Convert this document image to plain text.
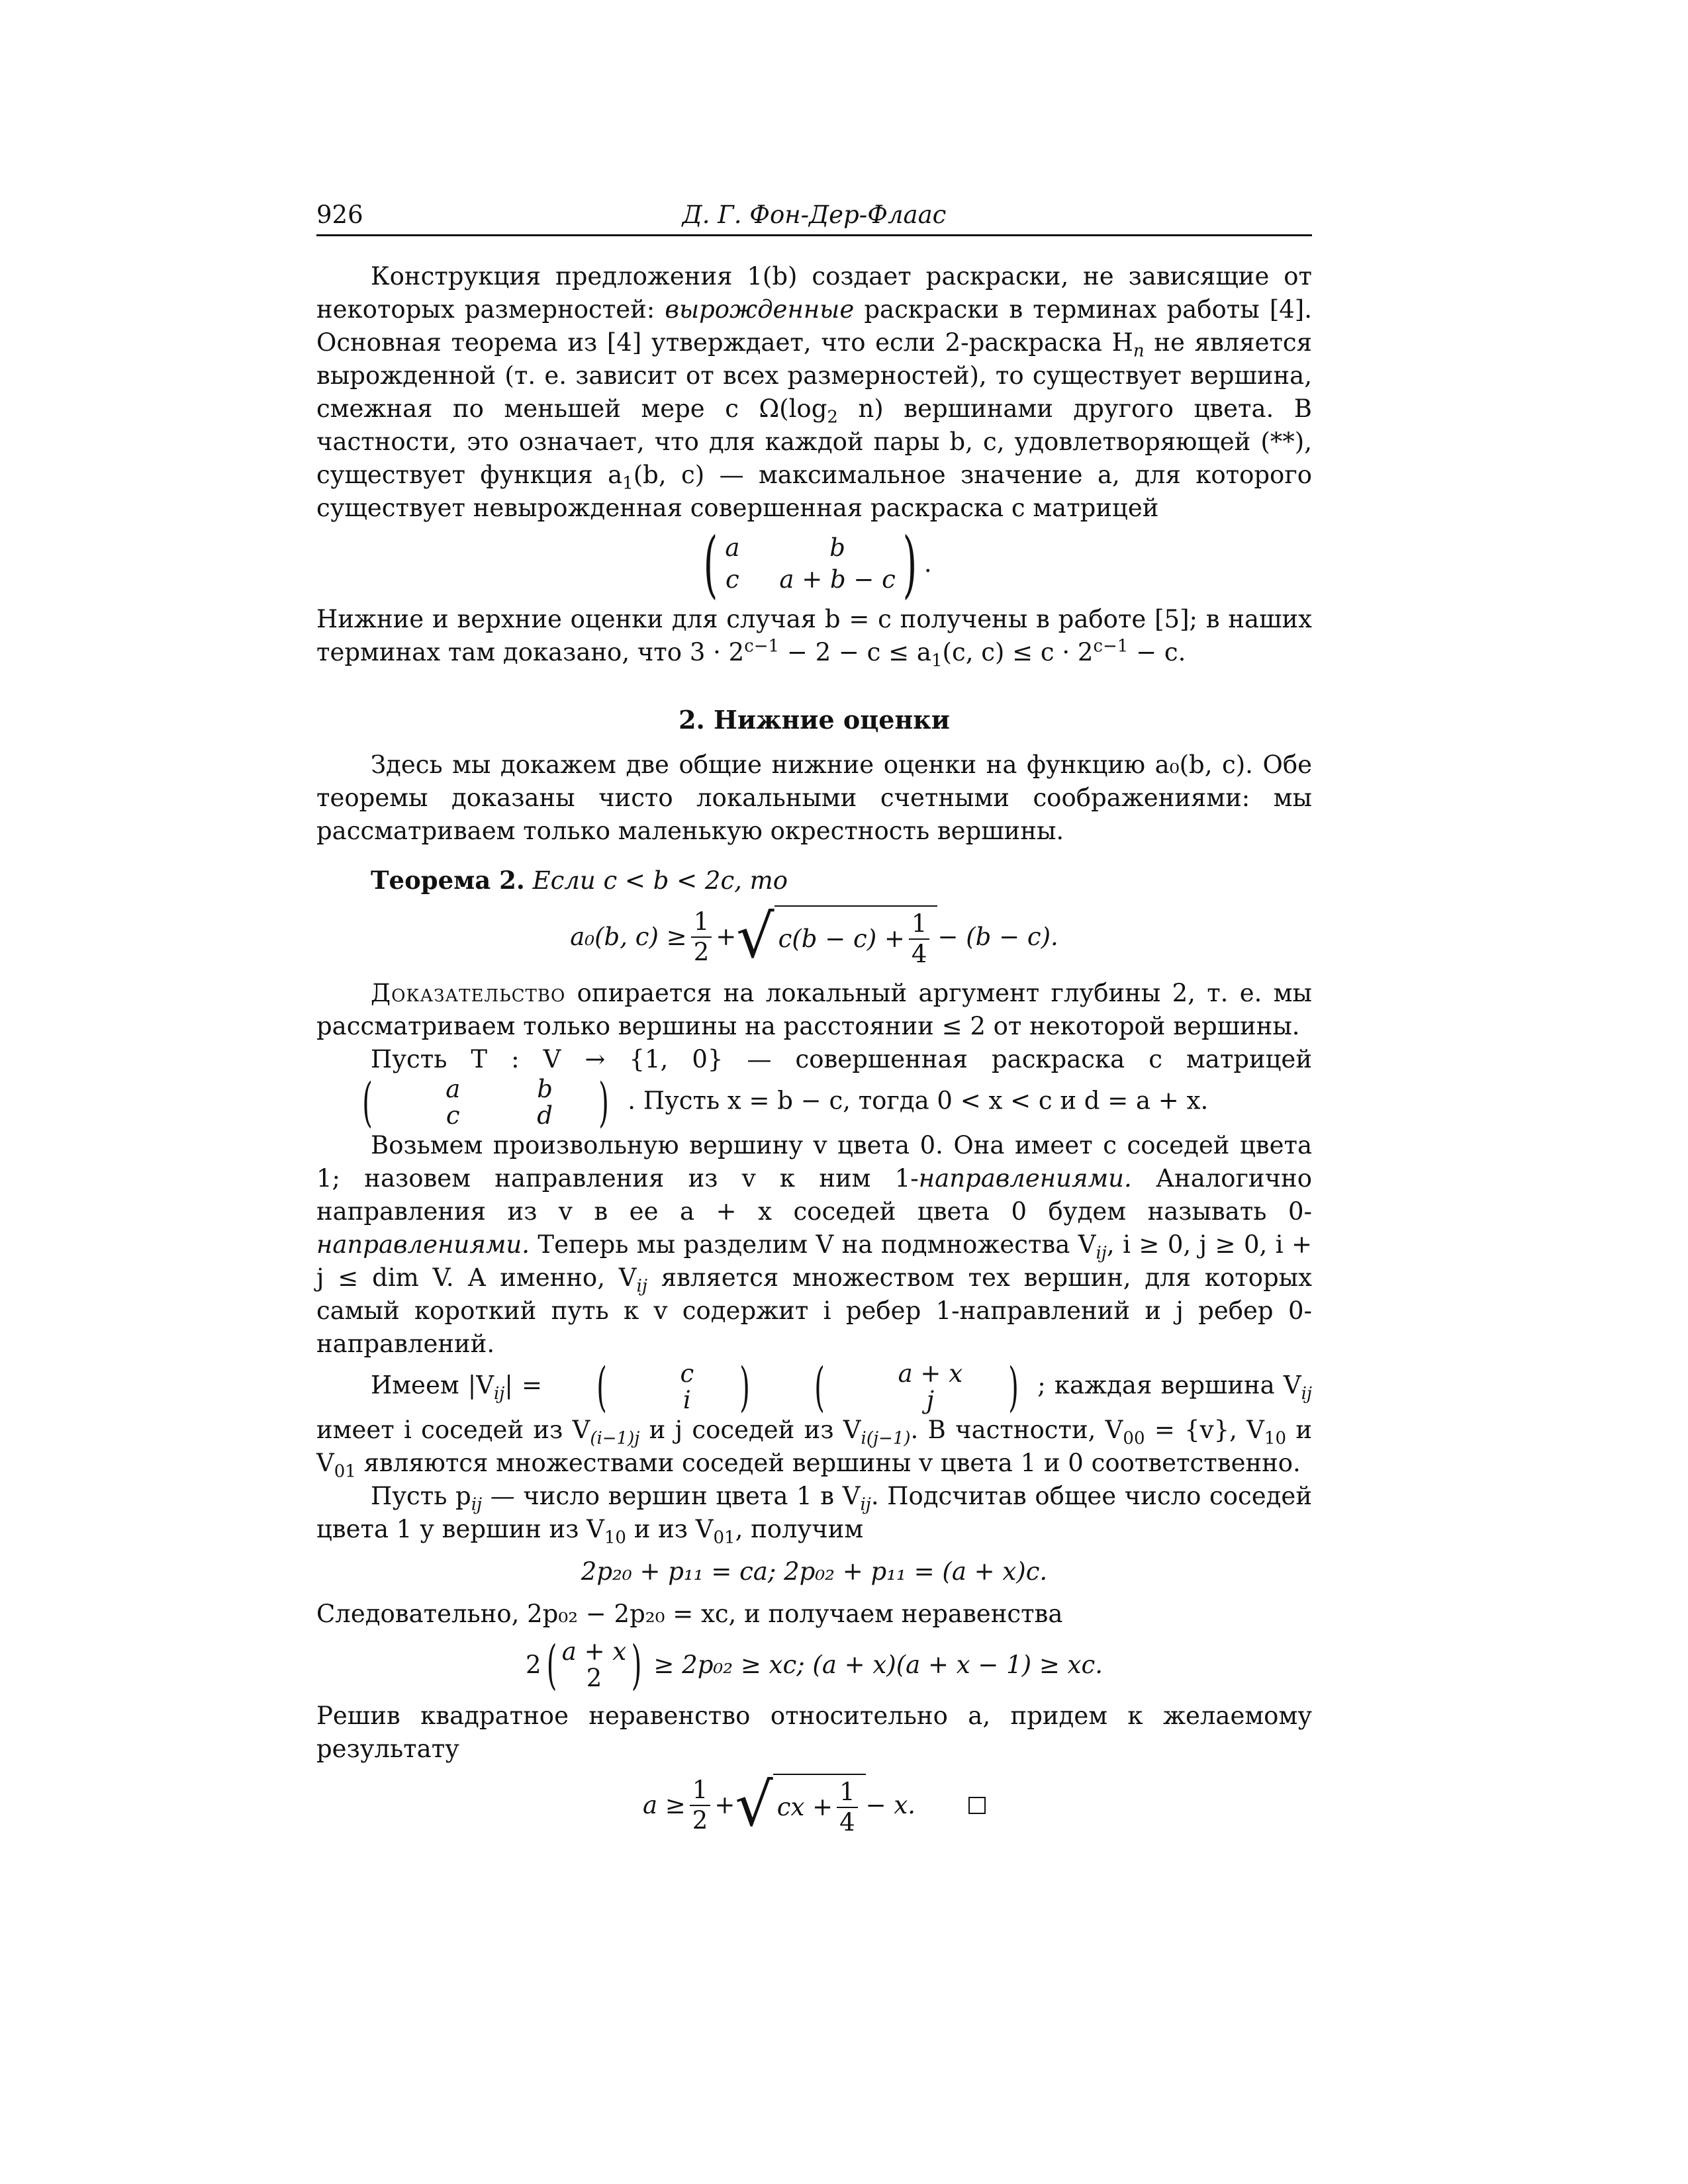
926	Д. Г. Фон-Дер-Флаас

Конструкция предложения 1(b) создает раскраски, не зависящие от некоторых размерностей: вырожденные раскраски в терминах работы [4]. Основная теорема из [4] утверждает, что если 2-раскраска $H_n$ не является вырожденной (т. е. зависит от всех размерностей), то существует вершина, смежная по меньшей мере с $\Omega(\log_2$ n) вершинами другого цвета. В частности, это означает, что для каждой пары b, c, удовлетворяющей (**), существует функция $a_1(b$, c) — максимальное значение a, для которого существует невырожденная совершенная раскраска с матрицей

( a	b
c a + b − c ) .

Нижние и верхние оценки для случая b = c получены в работе [5]; в наших терминах там доказано, что $3 \cdot 2^{c-1} - 2 - c \le a_1(c$, $c) \le c \cdot 2^{c-1} - c$.

2. Нижние оценки

Здесь мы докажем две общие нижние оценки на функцию a₀(b, c). Обе теоремы доказаны чисто локальными счетными соображениями: мы рассматриваем только маленькую окрестность вершины.

Теорема 2. Если c < b < 2c, то

a₀(b, $c) \ge \frac{1}{2}$ + √ $c(b - c) + \frac{1}{4} - (b - c)$.

Доказательство опирается на локальный аргумент глубины 2, т. е. мы рассматриваем только вершины на расстоянии ≤ 2 от некоторой вершины.

Пусть T : V → {1, 0} — совершенная раскраска с матрицей
(	a	b
c	d ) . Пусть x = b − c, тогда 0 < x < c и d = a + x.

Возьмем произвольную вершину v цвета 0. Она имеет c соседей цвета 1; назовем направления из v к ним 1-направлениями. Аналогично направления из v в ее a + x соседей цвета 0 будем называть 0-направлениями. Теперь мы разделим V на подмножества $V_{ij}$, i ≥ 0, j ≥ 0, i + j ≤ dim V. А именно, $V_{ij}$ является множеством тех вершин, для которых самый короткий путь к v содержит i ребер 1-направлений и j ребер 0-направлений.

Имеем $|V_{ij}|$ =	(	c
i )	(	a + x
j	) ; каждая вершина $V_{ij}$ имеет i соседей из $V_{(i-1)j}$ и j соседей из $V_{i(j-1)}$. В частности, $V_{00} = \{v\}$, $V_{10}$ и $V_{01}$ являются множествами соседей вершины v цвета 1 и 0 соответственно.

Пусть $p_{ij}$ — число вершин цвета 1 в $V_{ij}$. Подсчитав общее число соседей цвета 1 у вершин из $V_{10}$ и из $V_{01}$, получим

2p₂₀ + p₁₁ = ca; 2p₀₂ + p₁₁ = (a + x)c.

Следовательно, 2p₀₂ − 2p₂₀ = xc, и получаем неравенства

2 ( a + x
2 ) ≥ 2p₀₂ ≥ xc; (a + x)(a + x − 1) ≥ xc.

Решив квадратное неравенство относительно a, придем к желаемому результату

$a \ge \frac{1}{2}$ + √ cx + $\frac{1}{4} - x$.
